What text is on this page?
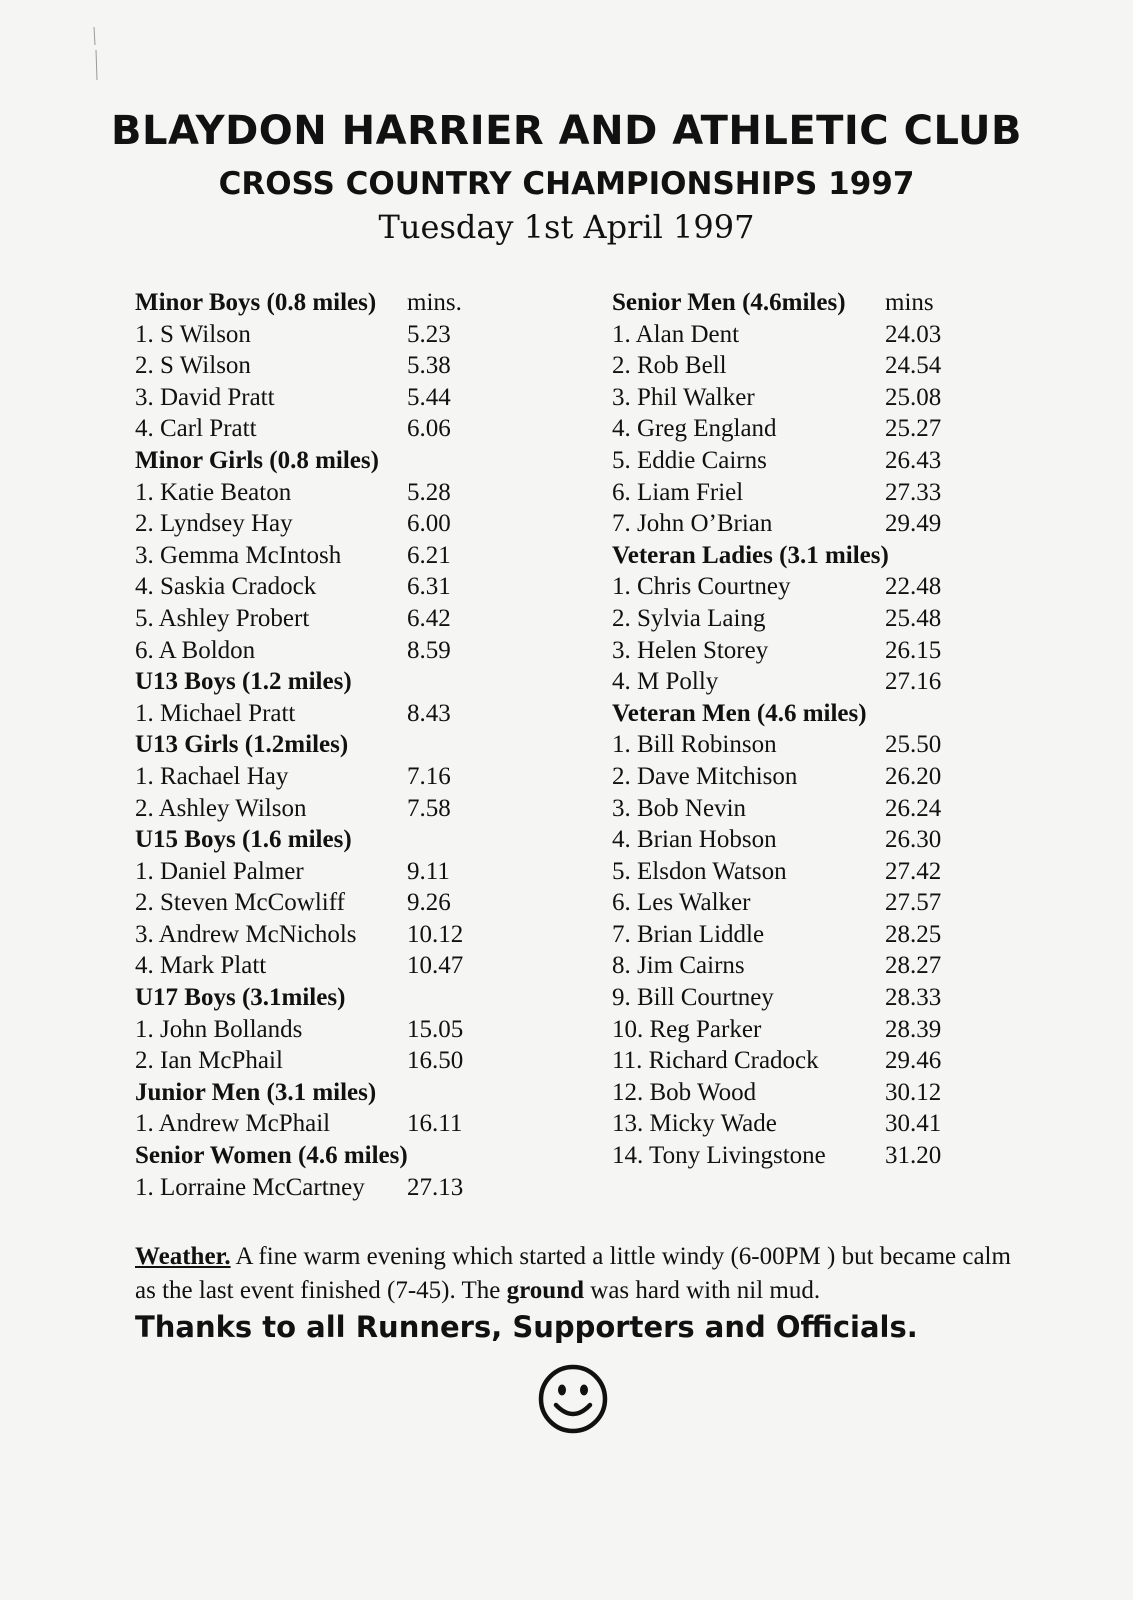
BLAYDON HARRIER AND ATHLETIC CLUB
CROSS COUNTRY CHAMPIONSHIPS 1997
Tuesday 1st April 1997
Minor Boys (0.8 miles) mins.
1. S Wilson	5.23
2. S Wilson	5.38
3. David Pratt	5.44
4. Carl Pratt	6.06
Minor Girls (0.8 miles)
1. Katie Beaton	5.28
2. Lyndsey Hay	6.00
3. Gemma McIntosh	6.21
4. Saskia Cradock	6.31
5. Ashley Probert	6.42
6. A Boldon	8.59
U13 Boys (1.2 miles)
1. Michael Pratt	8.43
U13 Girls (1.2miles)
1. Rachael Hay	7.16
2. Ashley Wilson	7.58
U15 Boys (1.6 miles)
1. Daniel Palmer	9.11
2. Steven McCowliff 9.26
3. Andrew McNichols 10.12
4. Mark Platt	10.47
U17 Boys (3.1miles)
1. John Bollands	15.05
2. Ian McPhail	16.50
Junior Men (3.1 miles)
1. Andrew McPhail	16.11
Senior Women (4.6 miles)
1. Lorraine McCartney 27.13
Senior Men (4.6miles) mins
1. Alan Dent	24.03
2. Rob Bell	24.54
3. Phil Walker	25.08
4. Greg England	25.27
5. Eddie Cairns	26.43
6. Liam Friel	27.33
7. John O’Brian	29.49
Veteran Ladies (3.1 miles)
1. Chris Courtney	22.48
2. Sylvia Laing	25.48
3. Helen Storey	26.15
4. M Polly	27.16
Veteran Men (4.6 miles)
1. Bill Robinson	25.50
2. Dave Mitchison	26.20
3. Bob Nevin	26.24
4. Brian Hobson	26.30
5. Elsdon Watson	27.42
6. Les Walker	27.57
7. Brian Liddle	28.25
8. Jim Cairns	28.27
9. Bill Courtney	28.33
10. Reg Parker	28.39
11. Richard Cradock	29.46
12. Bob Wood	30.12
13. Micky Wade	30.41
14. Tony Livingstone 31.20
Weather. A fine warm evening which started a little windy (6-00PM ) but became calm as the last event finished (7-45). The ground was hard with nil mud.
Thanks to all Runners, Supporters and Officials.
